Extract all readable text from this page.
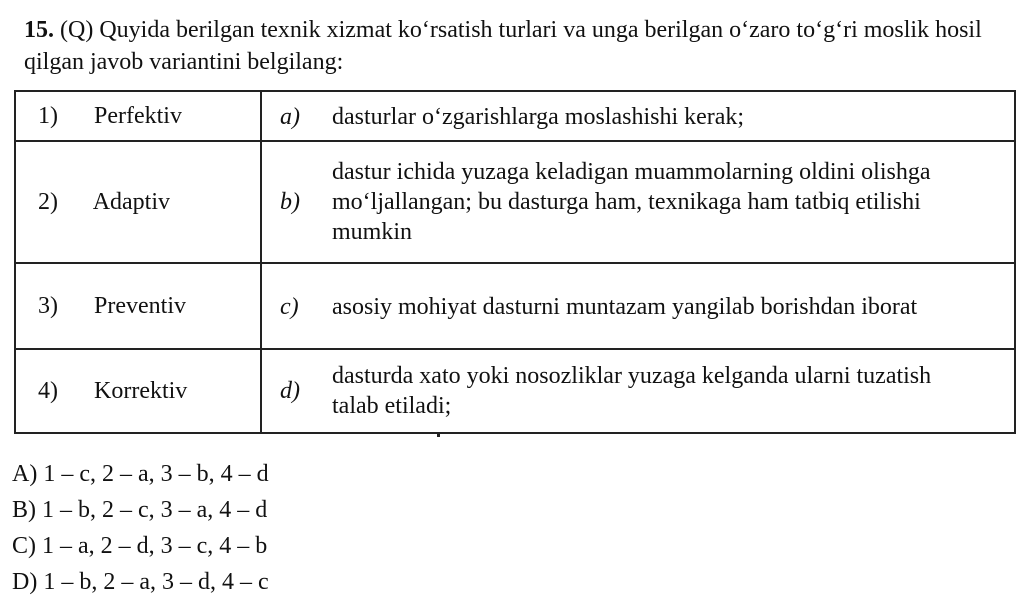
15. (Q) Quyida berilgan texnik xizmat ko‘rsatish turlari va unga berilgan o‘zaro to‘g‘ri moslik hosil qilgan javob variantini belgilang:
1) Perfektiv	a) dasturlar o‘zgarishlarga moslashishi kerak;
2) Adaptiv	b)dastur ichida yuzaga keladigan muammolarning oldini olishga mo‘ljallangan; bu dasturga ham, texnikaga ham tatbiq etilishi mumkin
3) Preventiv	c) asosiy mohiyat dasturni muntazam yangilab borishdan iborat
4) Korrektiv	d)dasturda xato yoki nosozliklar yuzaga kelganda ularni tuzatish talab etiladi;
A) 1 – c, 2 – a, 3 – b, 4 – d
B) 1 – b, 2 – c, 3 – a, 4 – d
C) 1 – a, 2 – d, 3 – c, 4 – b
D) 1 – b, 2 – a, 3 – d, 4 – c
